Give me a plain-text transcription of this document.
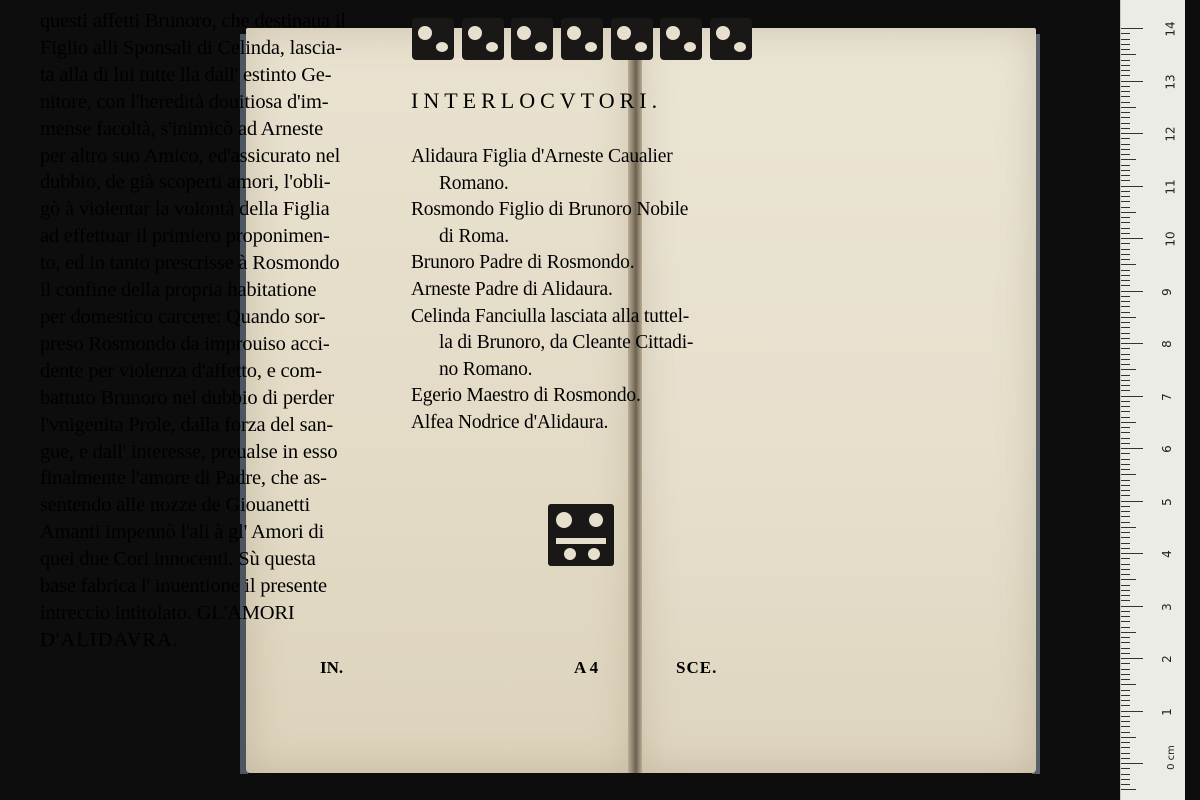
questi affetti Brunoro, che destinaua il
Figlio alli Sponsali di Celinda, lasciа-
ta alla di lui tutte lla dall' estinto Ge-
nitore, con l'heredità douitiosa d'im-
mense facoltà, s'inimicò ad Arneste
per altro suo Amico, ed'assicurato nel
dubbio, de già scoperti amori, l'obli-
gò à violentar la volontà della Figlia
ad effettuar il primiero proponimen-
to, ed in tanto prescrisse à Rosmondo
il confine della propria habitatione
per domestico carcere: Quando sor-
preso Rosmondo da improuiso acci-
dente per violenza d'affetto, e com-
battuto Brunoro nel dubbio di perder
l'vnigenita Prole, dalla forza del san-
gue, e dall' interesse, preualse in esso
finalmente l'amore di Padre, che as-
sentendo alle nozze de Giouanetti
Amanti impennò l'ali à gl' Amori di
quei due Cori innocenti. Sù questa
base fabrica l' inuentione il presente
intreccio intitolato. GL'AMORI
D'ALIDAVRA.
IN.
INTERLOCVTORI.
Alidaura Figlia d'Arneste Caualier
Romano.
Rosmondo Figlio di Brunoro Nobile
di Roma.
Brunoro Padre di Rosmondo.
Arneste Padre di Alidaura.
Celinda Fanciulla lasciata alla tuttel-
la di Brunoro, da Cleante Cittadi-
no Romano.
Egerio Maestro di Rosmondo.
Alfea Nodrice d'Alidaura.
A 4	SCE.
0 cm
14
13
12
11
10
9
8
7
6
5
4
3
2
1
